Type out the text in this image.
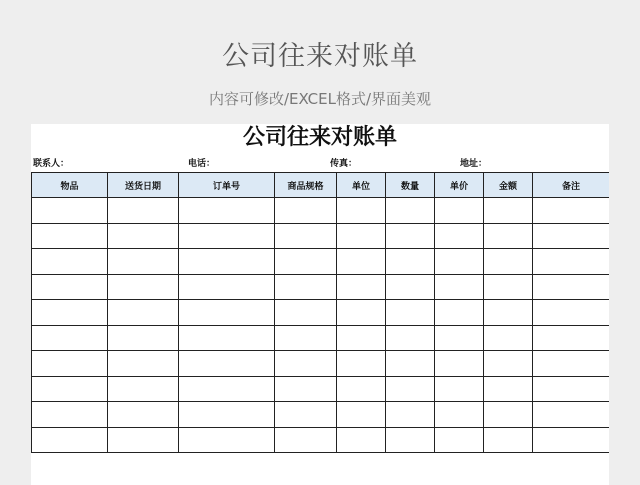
公司往来对账单
内容可修改/EXCEL格式/界面美观
公司往来对账单
联系人：	电话：	传真：	地址：
物品	送货日期	订单号	商品规格	单位	数量	单价	金额	备注
